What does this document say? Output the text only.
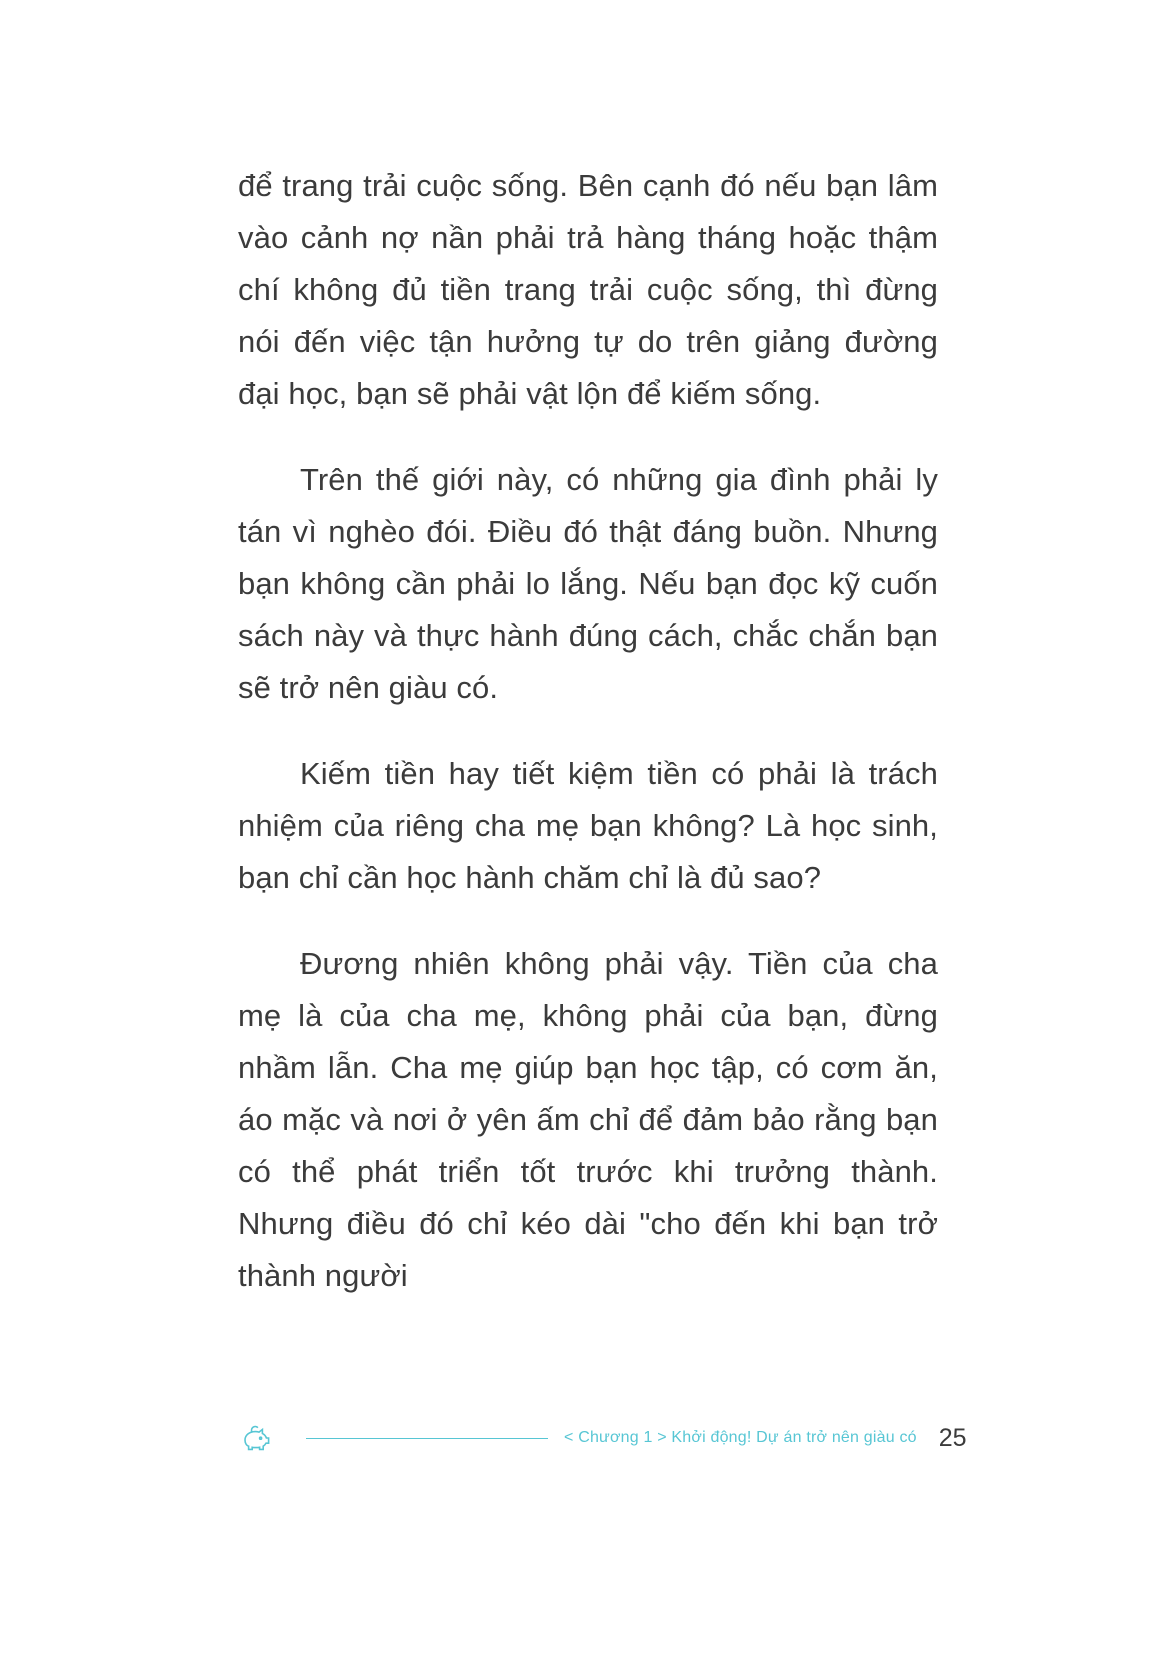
để trang trải cuộc sống. Bên cạnh đó nếu bạn lâm vào cảnh nợ nần phải trả hàng tháng hoặc thậm chí không đủ tiền trang trải cuộc sống, thì đừng nói đến việc tận hưởng tự do trên giảng đường đại học, bạn sẽ phải vật lộn để kiếm sống.

Trên thế giới này, có những gia đình phải ly tán vì nghèo đói. Điều đó thật đáng buồn. Nhưng bạn không cần phải lo lắng. Nếu bạn đọc kỹ cuốn sách này và thực hành đúng cách, chắc chắn bạn sẽ trở nên giàu có.

Kiếm tiền hay tiết kiệm tiền có phải là trách nhiệm của riêng cha mẹ bạn không? Là học sinh, bạn chỉ cần học hành chăm chỉ là đủ sao?

Đương nhiên không phải vậy. Tiền của cha mẹ là của cha mẹ, không phải của bạn, đừng nhầm lẫn. Cha mẹ giúp bạn học tập, có cơm ăn, áo mặc và nơi ở yên ấm chỉ để đảm bảo rằng bạn có thể phát triển tốt trước khi trưởng thành. Nhưng điều đó chỉ kéo dài "cho đến khi bạn trở thành người

< Chương 1 > Khởi động! Dự án trở nên giàu có 25
